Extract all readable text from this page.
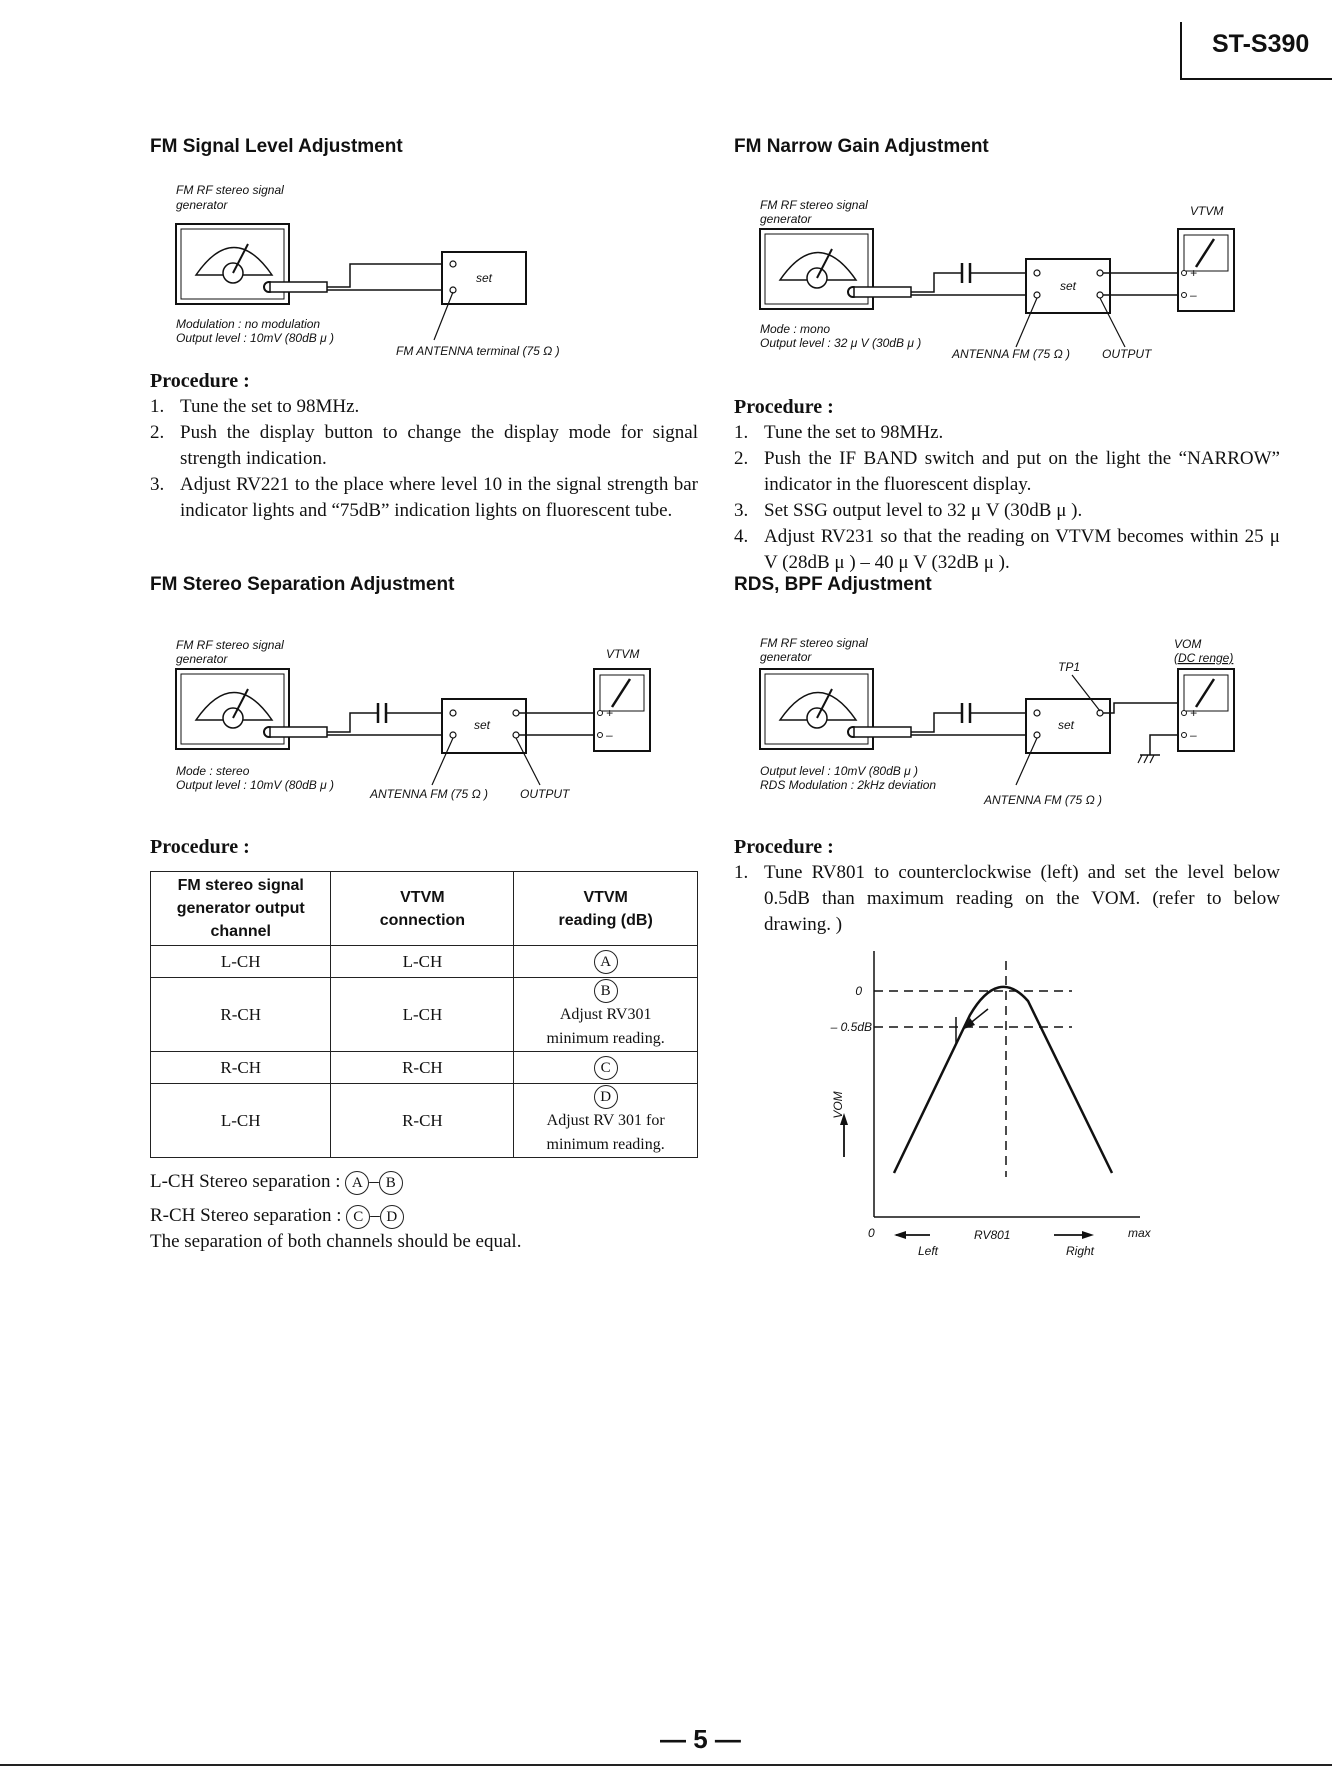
ST-S390
FM Signal Level Adjustment
FM RF stereo signal
generator
set
Modulation : no modulation
Output level : 10mV (80dB μ )
FM ANTENNA terminal (75 Ω )
Procedure :
1. Tune the set to 98MHz.
2. Push the display button to change the display mode for signal strength indication.
3. Adjust RV221 to the place where level 10 in the signal strength bar indicator lights and “75dB” indication lights on fluorescent tube.
FM Narrow Gain Adjustment
FM RF stereo signal
generator
VTVM
set
+
–
Mode : mono
Output level : 32 μ V (30dB μ )
ANTENNA FM (75 Ω )	OUTPUT
Procedure :
1. Tune the set to 98MHz.
2. Push the IF BAND switch and put on the light the “NARROW” indicator in the fluorescent display.
3. Set SSG output level to 32 μ V (30dB μ ).
4. Adjust RV231 so that the reading on VTVM becomes within 25 μ V (28dB μ ) – 40 μ V (32dB μ ).
FM Stereo Separation Adjustment
FM RF stereo signal
generator	VTVM
set
+
–
Mode : stereo
Output level : 10mV (80dB μ )
ANTENNA FM (75 Ω )	OUTPUT
Procedure :
FM stereo signal generator output channel	VTVM connection	VTVM reading (dB)
L-CH	L-CH	A
R-CH	L-CH	B
Adjust RV301 minimum reading.
R-CH	R-CH	C
L-CH	R-CH	D
Adjust RV 301 for minimum reading.
L-CH Stereo separation : A – B
R-CH Stereo separation : C – D
The separation of both channels should be equal.
RDS, BPF Adjustment
FM RF stereo signal
generator
VOM
(DC renge)
TP1
set
+
–
Output level : 10mV (80dB μ )
RDS Modulation : 2kHz deviation
ANTENNA FM (75 Ω )
Procedure :
1. Tune RV801 to counterclockwise (left) and set the level below 0.5dB than maximum reading on the VOM. (refer to below drawing. )
0
– 0.5dB
VOM
0	RV801	max
Left	Right
— 5 —
